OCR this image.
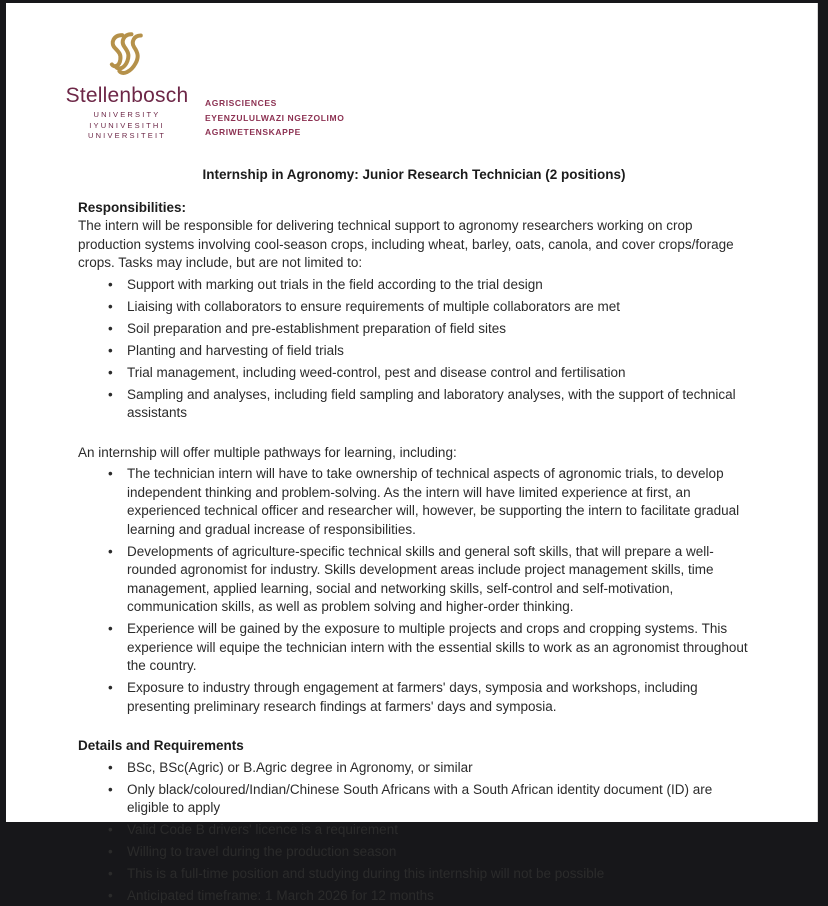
Stellenbosch
UNIVERSITY
IYUNIVESITHI
UNIVERSITEIT
AGRISCIENCES
EYENZULULWAZI NGEZOLIMO
AGRIWETENSKAPPE
Internship in Agronomy: Junior Research Technician (2 positions)
Responsibilities:

The intern will be responsible for delivering technical support to agronomy researchers working on crop production systems involving cool-season crops, including wheat, barley, oats, canola, and cover crops/forage crops. Tasks may include, but are not limited to:

• Support with marking out trials in the field according to the trial design
• Liaising with collaborators to ensure requirements of multiple collaborators are met
• Soil preparation and pre-establishment preparation of field sites
• Planting and harvesting of field trials
• Trial management, including weed-control, pest and disease control and fertilisation
• Sampling and analyses, including field sampling and laboratory analyses, with the support of technical assistants

An internship will offer multiple pathways for learning, including:

• The technician intern will have to take ownership of technical aspects of agronomic trials, to develop independent thinking and problem-solving. As the intern will have limited experience at first, an experienced technical officer and researcher will, however, be supporting the intern to facilitate gradual learning and gradual increase of responsibilities.
• Developments of agriculture-specific technical skills and general soft skills, that will prepare a well-rounded agronomist for industry. Skills development areas include project management skills, time management, applied learning, social and networking skills, self-control and self-motivation, communication skills, as well as problem solving and higher-order thinking.
• Experience will be gained by the exposure to multiple projects and crops and cropping systems. This experience will equipe the technician intern with the essential skills to work as an agronomist throughout the country.
• Exposure to industry through engagement at farmers' days, symposia and workshops, including presenting preliminary research findings at farmers' days and symposia.
Details and Requirements
• BSc, BSc(Agric) or B.Agric degree in Agronomy, or similar
• Only black/coloured/Indian/Chinese South Africans with a South African identity document (ID) are eligible to apply
• Valid Code B drivers' licence is a requirement
• Willing to travel during the production season
• This is a full-time position and studying during this internship will not be possible
• Anticipated timeframe: 1 March 2026 for 12 months
